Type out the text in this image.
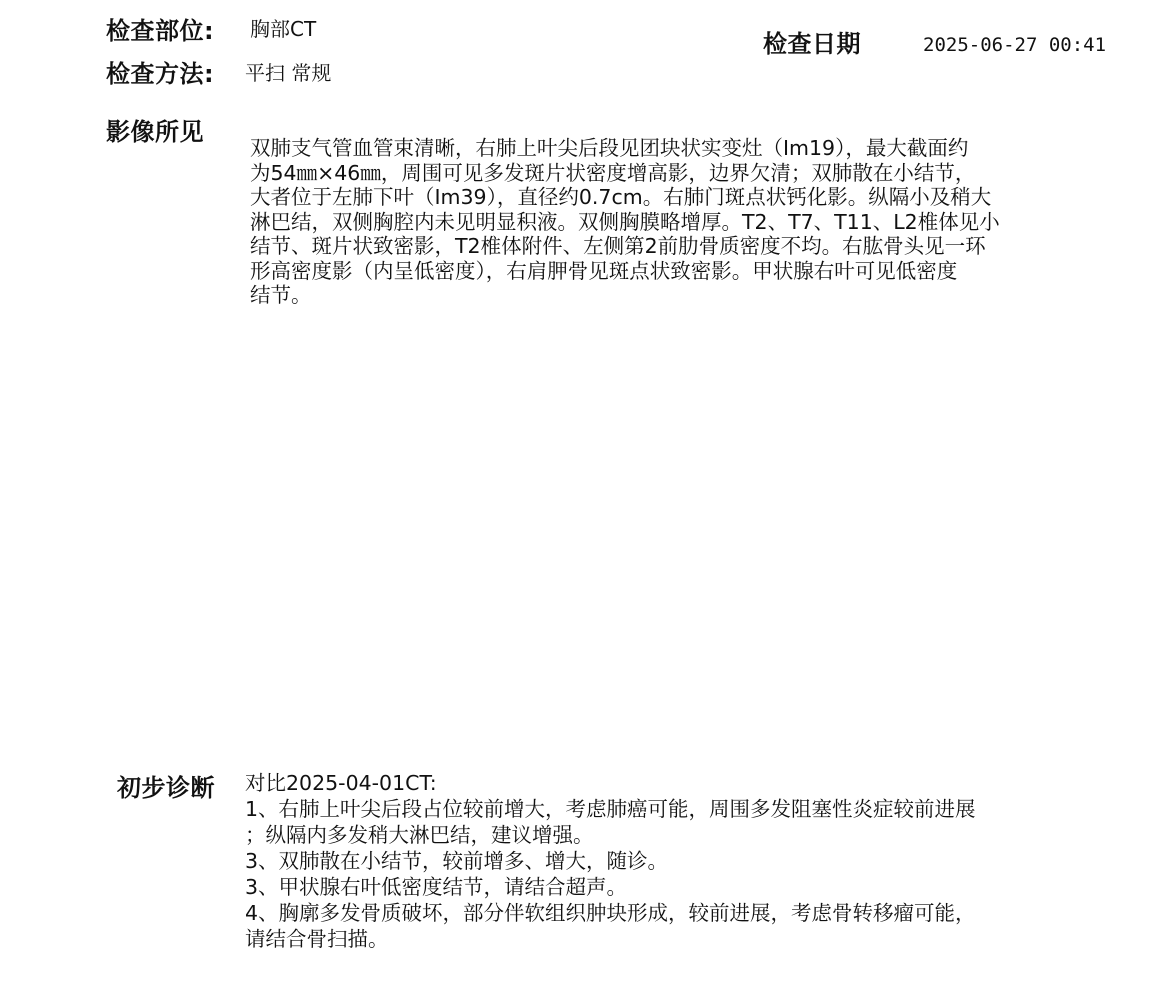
检查部位: 胸部CT
检查方法: 平扫 常规
检查日期	2025-06-27 00:41
影像所见
双肺支气管血管束清晰，右肺上叶尖后段见团块状实变灶（Im19），最大截面约
为54㎜×46㎜，周围可见多发斑片状密度增高影，边界欠清；双肺散在小结节，
大者位于左肺下叶（Im39），直径约0.7cm。右肺门斑点状钙化影。纵隔小及稍大
淋巴结，双侧胸腔内未见明显积液。双侧胸膜略增厚。T2、T7、T11、L2椎体见小
结节、斑片状致密影，T2椎体附件、左侧第2前肋骨质密度不均。右肱骨头见一环
形高密度影（内呈低密度），右肩胛骨见斑点状致密影。甲状腺右叶可见低密度
结节。
初步诊断 对比2025-04-01CT:
1、右肺上叶尖后段占位较前增大，考虑肺癌可能，周围多发阻塞性炎症较前进展
；纵隔内多发稍大淋巴结，建议增强。
3、双肺散在小结节，较前增多、增大，随诊。
3、甲状腺右叶低密度结节，请结合超声。
4、胸廓多发骨质破坏，部分伴软组织肿块形成，较前进展，考虑骨转移瘤可能，
请结合骨扫描。
